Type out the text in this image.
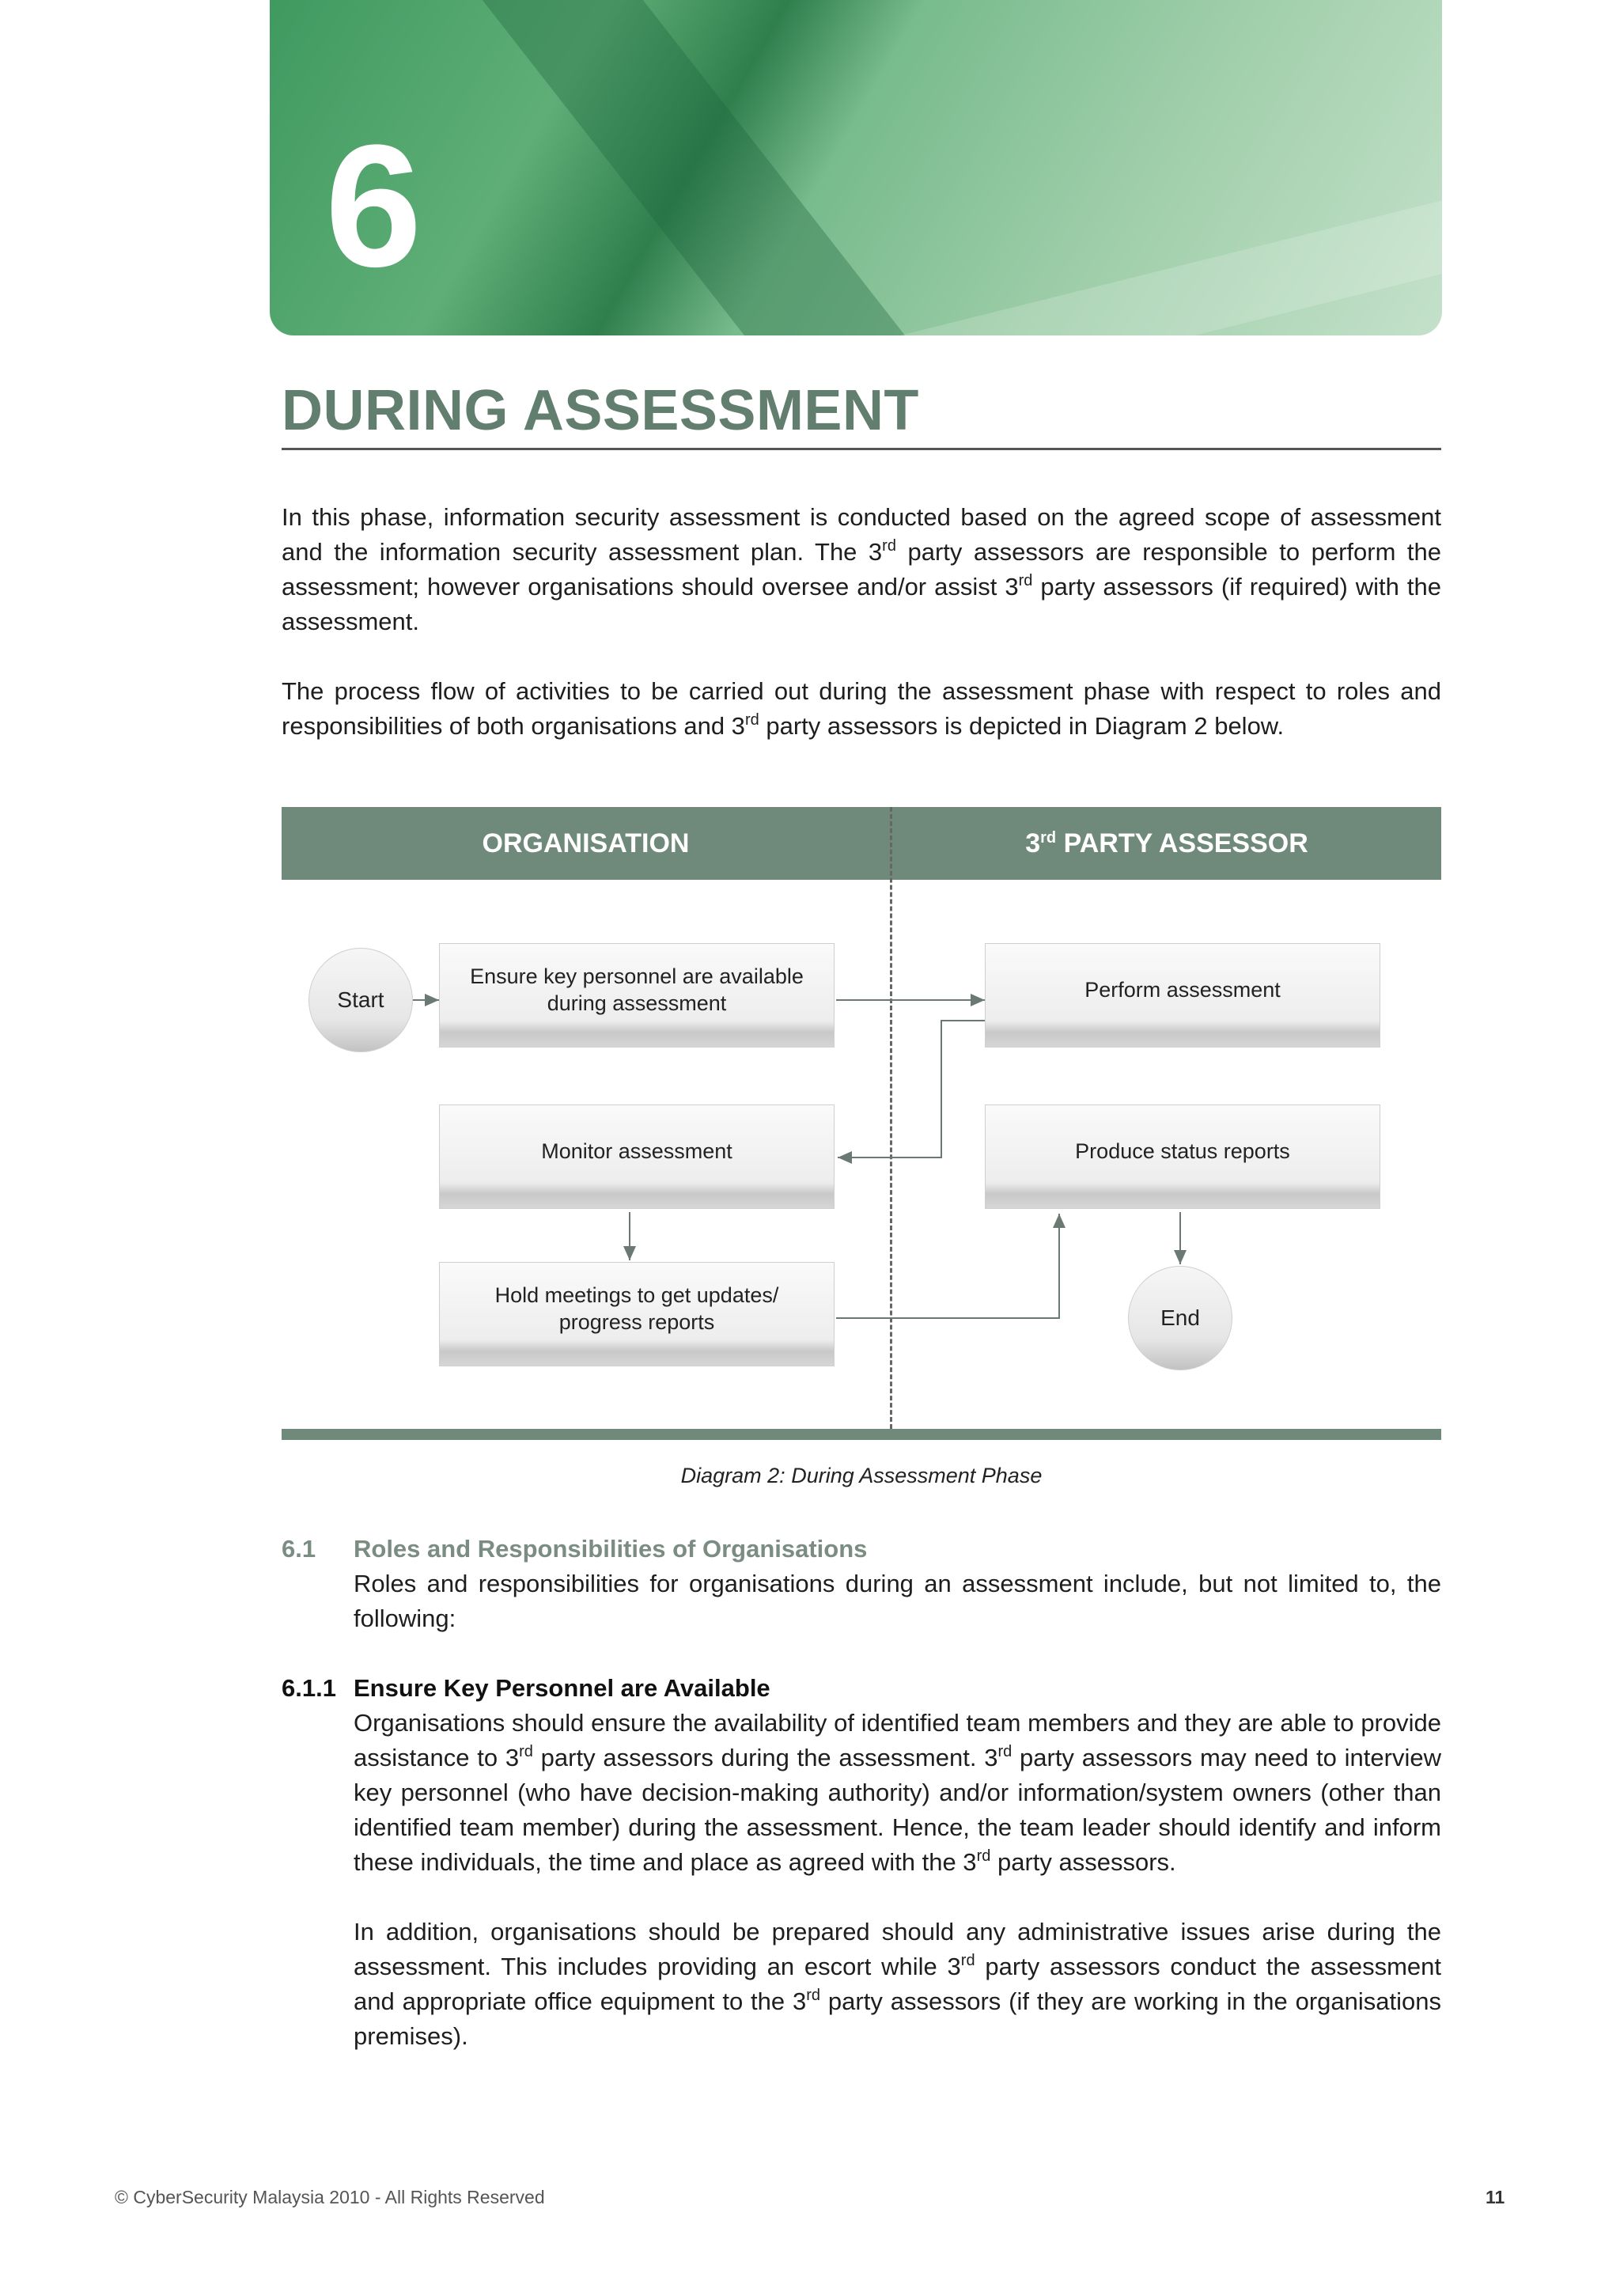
6
DURING ASSESSMENT

In this phase, information security assessment is conducted based on the agreed scope of assessment and the information security assessment plan. The 3rd party assessors are responsible to perform the assessment; however organisations should oversee and/or assist 3rd party assessors (if required) with the assessment.

The process flow of activities to be carried out during the assessment phase with respect to roles and responsibilities of both organisations and 3rd party assessors is depicted in Diagram 2 below.

ORGANISATION	3rd PARTY ASSESSOR
Start
Ensure key personnel are available during assessment
Perform assessment
Monitor assessment	Produce status reports
Hold meetings to get updates/ progress reports	End

Diagram 2: During Assessment Phase

6.1 Roles and Responsibilities of Organisations

Roles and responsibilities for organisations during an assessment include, but not limited to, the following:

6.1.1 Ensure Key Personnel are Available

Organisations should ensure the availability of identified team members and they are able to provide assistance to 3rd party assessors during the assessment. 3rd party assessors may need to interview key personnel (who have decision-making authority) and/or information/system owners (other than identified team member) during the assessment. Hence, the team leader should identify and inform these individuals, the time and place as agreed with the 3rd party assessors.

In addition, organisations should be prepared should any administrative issues arise during the assessment. This includes providing an escort while 3rd party assessors conduct the assessment and appropriate office equipment to the 3rd party assessors (if they are working in the organisations premises).

© CyberSecurity Malaysia 2010 - All Rights Reserved	11
